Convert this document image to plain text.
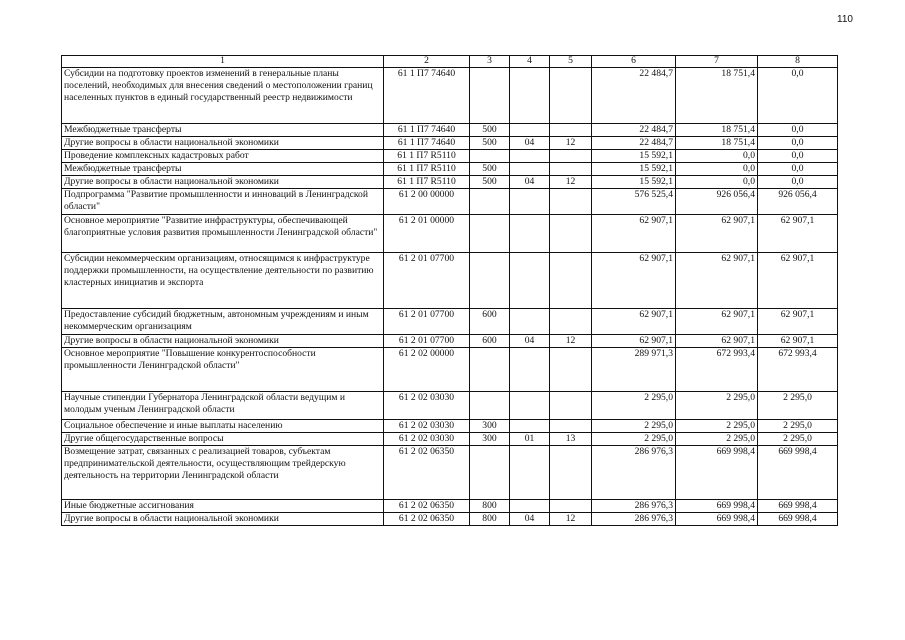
110
1	2	3	4	5	6	7	8
Субсидии на подготовку проектов изменений в генеральные планы поселений, необходимых для внесения сведений о местоположении границ населенных пунктов в единый государственный реестр недвижимости	61 1 П7 74640				22 484,7	18 751,4	0,0
Межбюджетные трансферты	61 1 П7 74640	500			22 484,7	18 751,4	0,0
Другие вопросы в области национальной экономики	61 1 П7 74640	500	04	12	22 484,7	18 751,4	0,0
Проведение комплексных кадастровых работ	61 1 П7 R5110				15 592,1	0,0	0,0
Межбюджетные трансферты	61 1 П7 R5110	500			15 592,1	0,0	0,0
Другие вопросы в области национальной экономики	61 1 П7 R5110	500	04	12	15 592,1	0,0	0,0
Подпрограмма "Развитие промышленности и инноваций в Ленинградской области"	61 2 00 00000				576 525,4	926 056,4	926 056,4
Основное мероприятие "Развитие инфраструктуры, обеспечивающей благоприятные условия развития промышленности Ленинградской области"	61 2 01 00000				62 907,1	62 907,1	62 907,1
Субсидии некоммерческим организациям, относящимся к инфраструктуре поддержки промышленности, на осуществление деятельности по развитию кластерных инициатив и экспорта	61 2 01 07700				62 907,1	62 907,1	62 907,1
Предоставление субсидий бюджетным, автономным учреждениям и иным некоммерческим организациям	61 2 01 07700	600			62 907,1	62 907,1	62 907,1
Другие вопросы в области национальной экономики	61 2 01 07700	600	04	12	62 907,1	62 907,1	62 907,1
Основное мероприятие "Повышение конкурентоспособности промышленности Ленинградской области"	61 2 02 00000				289 971,3	672 993,4	672 993,4
Научные стипендии Губернатора Ленинградской области ведущим и молодым ученым Ленинградской области	61 2 02 03030				2 295,0	2 295,0	2 295,0
Социальное обеспечение и иные выплаты населению	61 2 02 03030	300			2 295,0	2 295,0	2 295,0
Другие общегосударственные вопросы	61 2 02 03030	300	01	13	2 295,0	2 295,0	2 295,0
Возмещение затрат, связанных с реализацией товаров, субъектам предпринимательской деятельности, осуществляющим трейдерскую деятельность на территории Ленинградской области	61 2 02 06350				286 976,3	669 998,4	669 998,4
Иные бюджетные ассигнования	61 2 02 06350	800			286 976,3	669 998,4	669 998,4
Другие вопросы в области национальной экономики	61 2 02 06350	800	04	12	286 976,3	669 998,4	669 998,4
